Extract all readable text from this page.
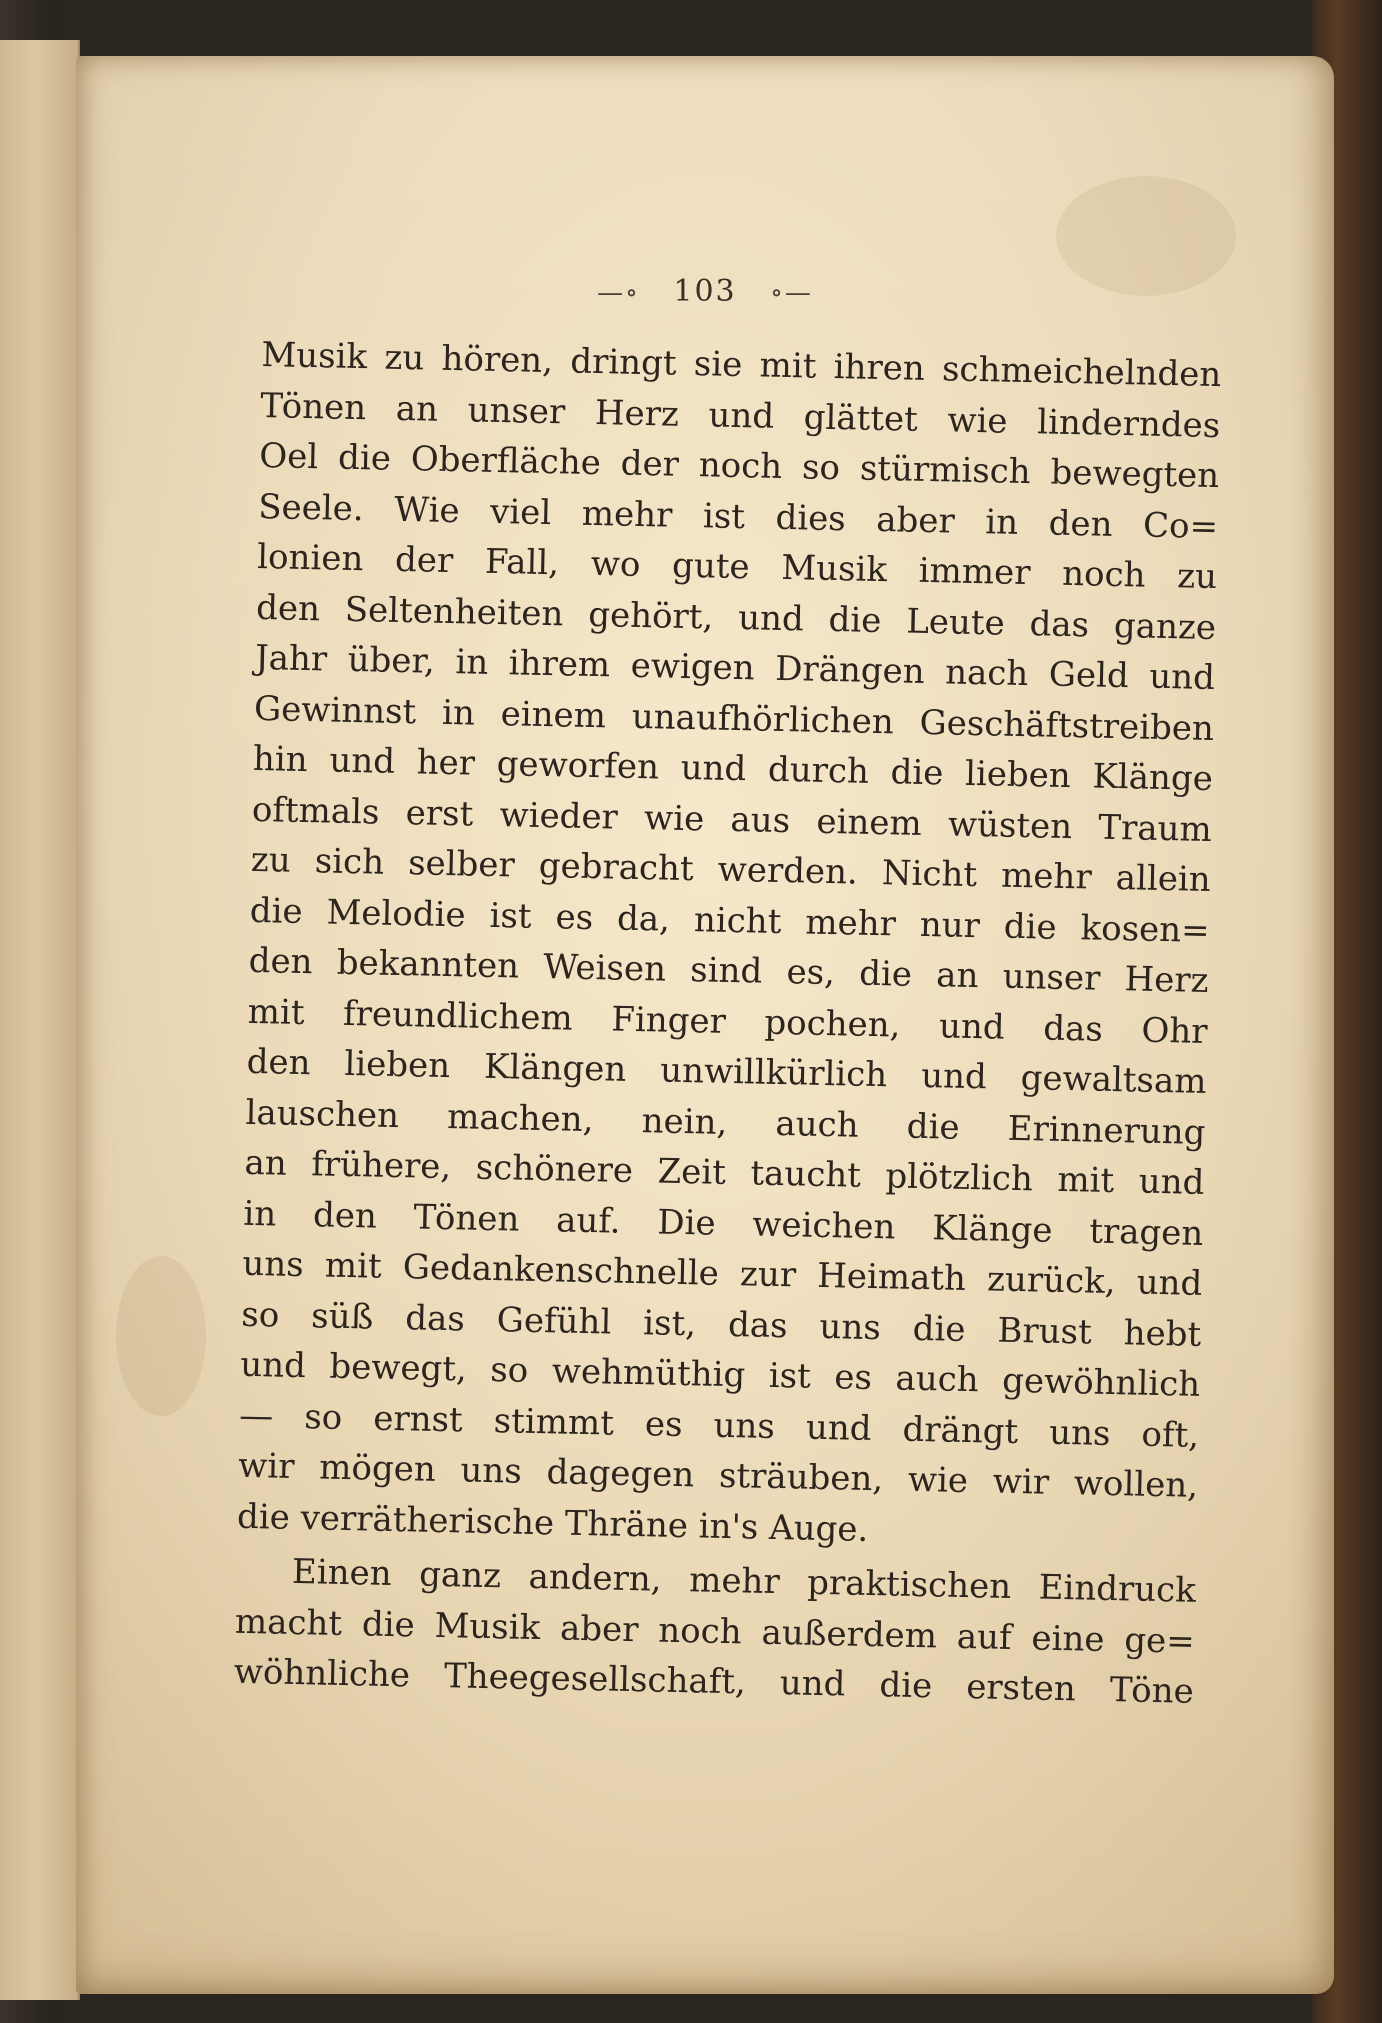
—∘ 103 ∘—
Musik zu hören, dringt sie mit ihren schmeichelnden
Tönen an unser Herz und glättet wie linderndes
Oel die Oberfläche der noch so stürmisch bewegten
Seele. Wie viel mehr ist dies aber in den Co=
lonien der Fall, wo gute Musik immer noch zu
den Seltenheiten gehört, und die Leute das ganze
Jahr über, in ihrem ewigen Drängen nach Geld und
Gewinnst in einem unaufhörlichen Geschäftstreiben
hin und her geworfen und durch die lieben Klänge
oftmals erst wieder wie aus einem wüsten Traum
zu sich selber gebracht werden. Nicht mehr allein
die Melodie ist es da, nicht mehr nur die kosen=
den bekannten Weisen sind es, die an unser Herz
mit freundlichem Finger pochen, und das Ohr
den lieben Klängen unwillkürlich und gewaltsam
lauschen machen, nein, auch die Erinnerung
an frühere, schönere Zeit taucht plötzlich mit und
in den Tönen auf. Die weichen Klänge tragen
uns mit Gedankenschnelle zur Heimath zurück, und
so süß das Gefühl ist, das uns die Brust hebt
und bewegt, so wehmüthig ist es auch gewöhnlich
— so ernst stimmt es uns und drängt uns oft,
wir mögen uns dagegen sträuben, wie wir wollen,
die verrätherische Thräne in's Auge.
Einen ganz andern, mehr praktischen Eindruck
macht die Musik aber noch außerdem auf eine ge=
wöhnliche Theegesellschaft, und die ersten Töne
